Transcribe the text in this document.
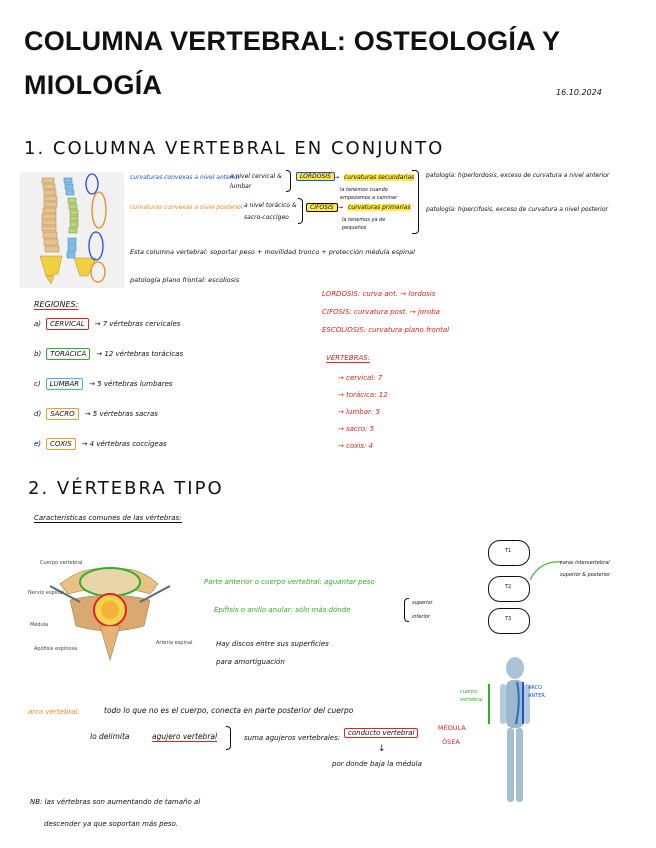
COLUMNA VERTEBRAL: OSTEOLOGÍA Y
MIOLOGÍA	16.10.2024
1. COLUMNA VERTEBRAL EN CONJUNTO
·
curvaturas convexas a nivel anterior
a nivel cervical & lumbar
LORDOSIS → curvaturas secundarias
la tenemos cuando empezamos a caminar
patología: hiperlordosis, exceso de curvatura a nivel anterior
curvaturas convexas a nivel posterior a nivel torácico & sacro-coccígeo
CIFOSIS → curvaturas primarias
la tenemos ya de pequeños
patología: hipercifosis, exceso de curvatura a nivel posterior
Esta columna vertebral: soportar peso + movilidad tronco + protección médula espinal
patología plano frontal: escoliosis
REGIONES:
a) CERVICAL → 7 vértebras cervicales
b) TORÁCICA → 12 vértebras torácicas
c) LUMBAR → 5 vértebras lumbares
d) SACRO → 5 vértebras sacras
e) COXIS → 4 vértebras coccígeas
LORDOSIS: curva ant. → lordosis
CIFOSIS: curvatura post. → joroba
ESCOLIOSIS: curvatura plano frontal
VÉRTEBRAS:
→ cervical: 7
→ torácica: 12
→ lumbar: 5
→ sacro: 5
→ coxis: 4
2. VÉRTEBRA TIPO
Características comunes de las vértebras:
Cuerpo vertebral
Nervio espinal
Médula
Apófisis espinosa
Arteria espinal
Parte anterior o cuerpo vertebral: aguantar peso
Epífisis o anillo anular: sólo más dónde
superior
inferior
Hay discos entre sus superficies
para amortiguación
T1
T2
T3
caras intervertebral
superior & posterior
cuerpo vertebral
ARCO ANTER.
arco vertebral:	todo lo que no es el cuerpo, conecta en parte posterior del cuerpo
lo delimita	agujero vertebral	suma agujeros vertebrales:
conducto vertebral
MÉDULA
ÓSEA
↓
por donde baja la médula
NB: las vértebras son aumentando de tamaño al
descender ya que soportan más peso.
